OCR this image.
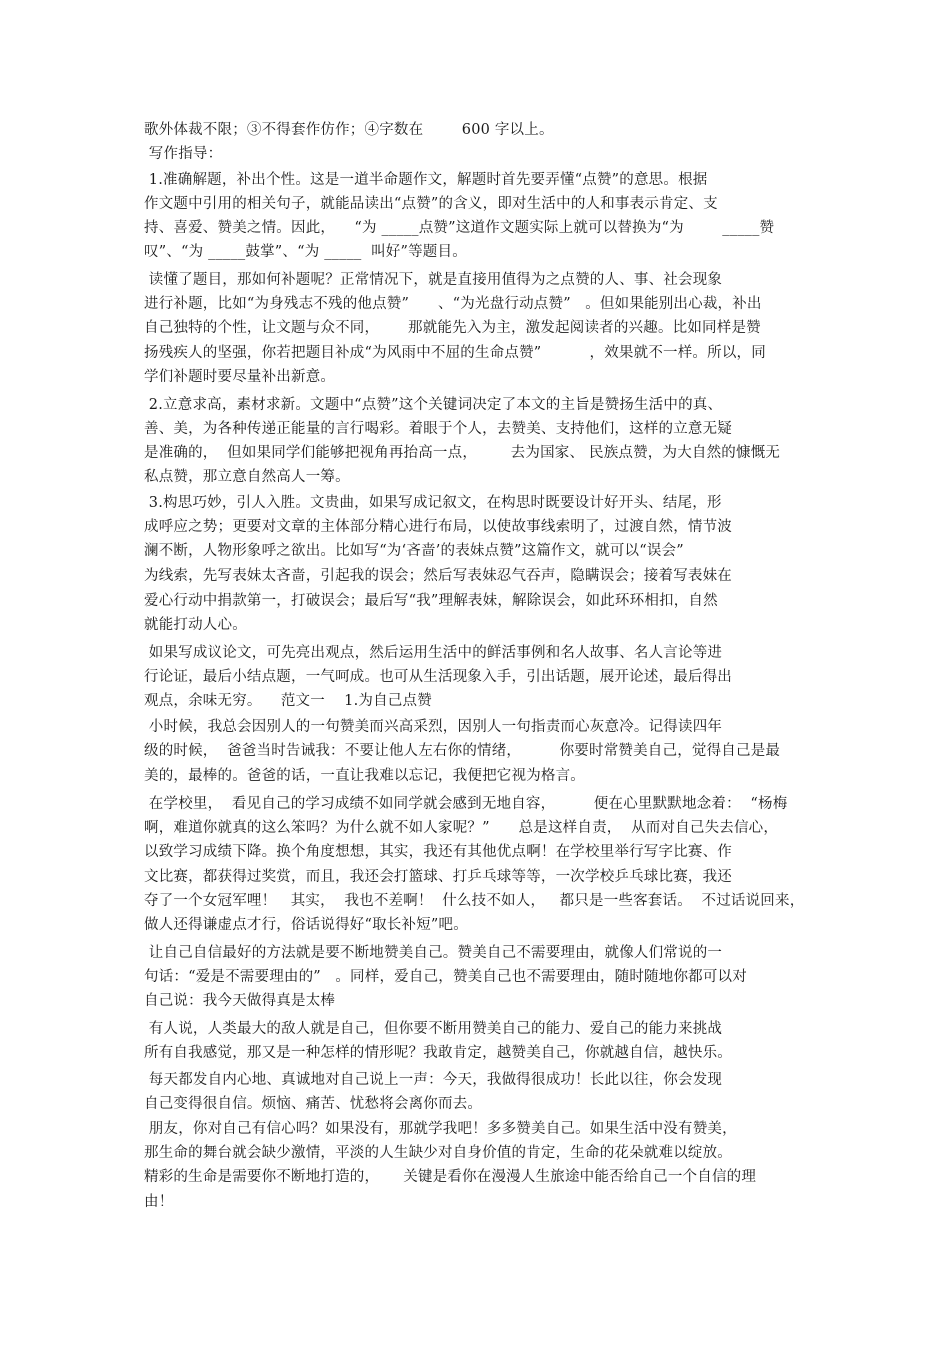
歌外体裁不限；③不得套作仿作；④字数在        600 字以上。
写作指导：
1.准确解题，补出个性。这是一道半命题作文，解题时首先要弄懂“点赞”的意思。根据
作文题中引用的相关句子，就能品读出“点赞”的含义，即对生活中的人和事表示肯定、支
持、喜爱、赞美之情。因此，    “为 _____点赞”这道作文题实际上就可以替换为“为        _____赞
叹”、“为 _____鼓掌”、“为 _____  叫好”等题目。
读懂了题目，那如何补题呢？正常情况下，就是直接用值得为之点赞的人、事、社会现象
进行补题，比如“为身残志不残的他点赞”      、“为光盘行动点赞”   。但如果能别出心裁，补出
自己独特的个性，让文题与众不同，      那就能先入为主，激发起阅读者的兴趣。比如同样是赞
扬残疾人的坚强，你若把题目补成“为风雨中不屈的生命点赞”          ，效果就不一样。所以，同
学们补题时要尽量补出新意。
2.立意求高，素材求新。文题中“点赞”这个关键词决定了本文的主旨是赞扬生活中的真、
善、美，为各种传递正能量的言行喝彩。着眼于个人，去赞美、支持他们，这样的立意无疑
是准确的，  但如果同学们能够把视角再抬高一点，       去为国家、 民族点赞，为大自然的慷慨无
私点赞，那立意自然高人一筹。
3.构思巧妙，引人入胜。文贵曲，如果写成记叙文，在构思时既要设计好开头、结尾，形
成呼应之势；更要对文章的主体部分精心进行布局，以使故事线索明了，过渡自然，情节波
澜不断，人物形象呼之欲出。比如写“为‘吝啬’的表妹点赞”这篇作文，就可以“误会”
为线索，先写表妹太吝啬，引起我的误会；然后写表妹忍气吞声，隐瞒误会；接着写表妹在
爱心行动中捐款第一，打破误会；最后写“我”理解表妹，解除误会，如此环环相扣，自然
就能打动人心。
如果写成议论文，可先亮出观点，然后运用生活中的鲜活事例和名人故事、名人言论等进
行论证，最后小结点题，一气呵成。也可从生活现象入手，引出话题，展开论述，最后得出
观点，余味无穷。    范文一    1.为自己点赞
小时候，我总会因别人的一句赞美而兴高采烈，因别人一句指责而心灰意冷。记得读四年
级的时候，  爸爸当时告诫我：不要让他人左右你的情绪，        你要时常赞美自己，觉得自己是最
美的，最棒的。爸爸的话，一直让我难以忘记，我便把它视为格言。
在学校里，  看见自己的学习成绩不如同学就会感到无地自容，        便在心里默默地念着：  “杨梅
啊，难道你就真的这么笨吗？为什么就不如人家呢？”      总是这样自责，  从而对自己失去信心，
以致学习成绩下降。换个角度想想，其实，我还有其他优点啊！在学校里举行写字比赛、作
文比赛，都获得过奖赏，而且，我还会打篮球、打乒乓球等等，一次学校乒乓球比赛，我还
夺了一个女冠军哩！   其实，  我也不差啊！  什么技不如人，   都只是一些客套话。  不过话说回来，
做人还得谦虚点才行，俗话说得好“取长补短”吧。
让自己自信最好的方法就是要不断地赞美自己。赞美自己不需要理由，就像人们常说的一
句话：“爱是不需要理由的”   。同样，爱自己，赞美自己也不需要理由，随时随地你都可以对
自己说：我今天做得真是太棒
有人说，人类最大的敌人就是自己，但你要不断用赞美自己的能力、爱自己的能力来挑战
所有自我感觉，那又是一种怎样的情形呢？我敢肯定，越赞美自己，你就越自信，越快乐。
每天都发自内心地、真诚地对自己说上一声：今天，我做得很成功！长此以往，你会发现
自己变得很自信。烦恼、痛苦、忧愁将会离你而去。
朋友，你对自己有信心吗？如果没有，那就学我吧！多多赞美自己。如果生活中没有赞美，
那生命的舞台就会缺少激情，平淡的人生缺少对自身价值的肯定，生命的花朵就难以绽放。
精彩的生命是需要你不断地打造的，     关键是看你在漫漫人生旅途中能否给自己一个自信的理
由！
